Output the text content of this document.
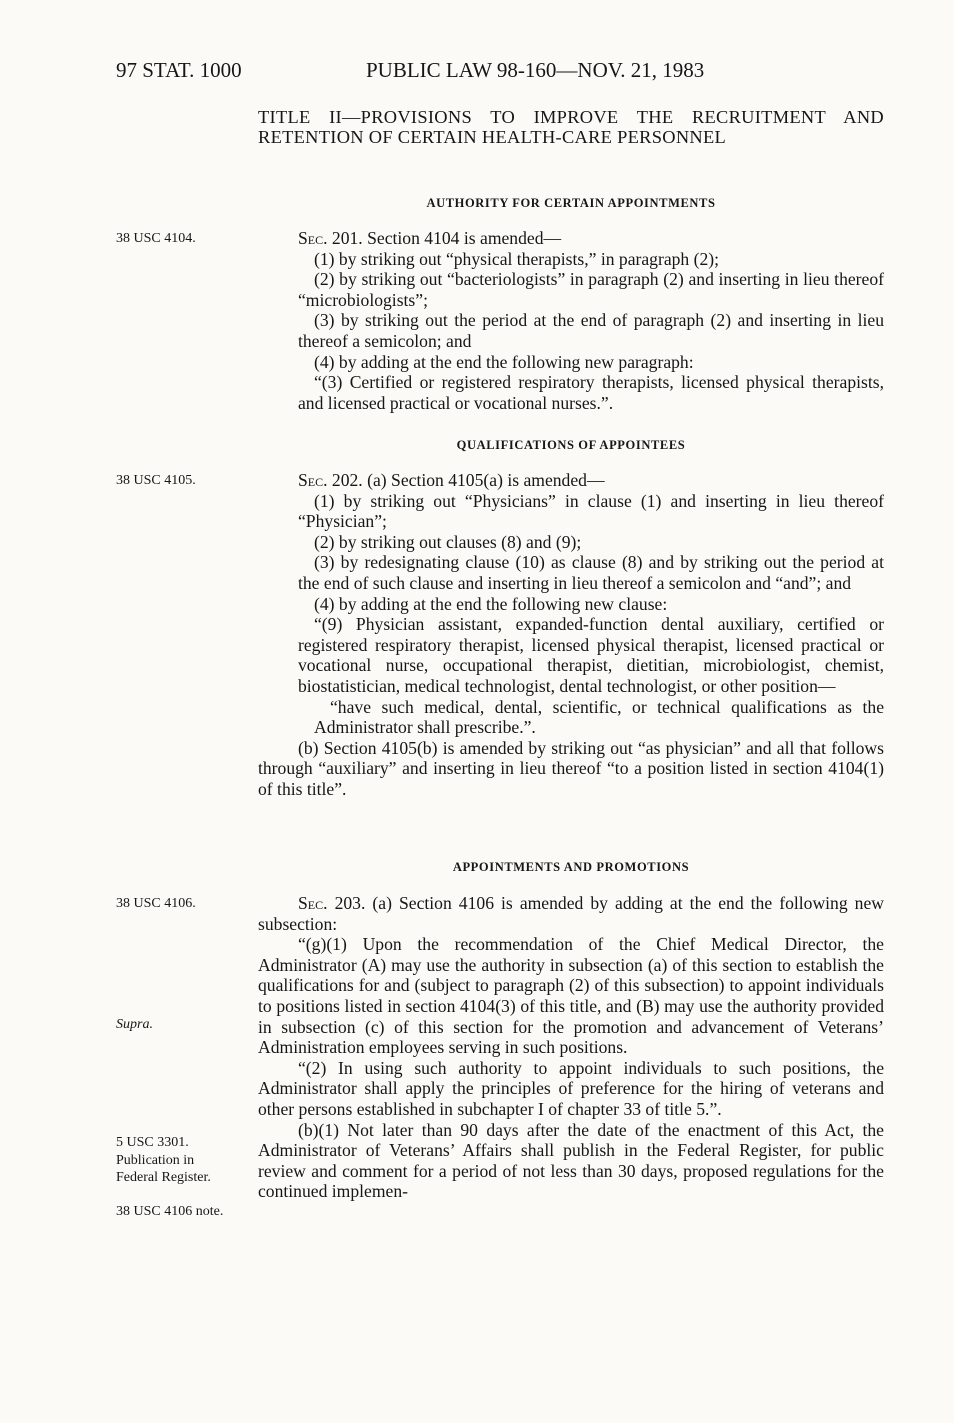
97 STAT. 1000	PUBLIC LAW 98-160—NOV. 21, 1983
TITLE II—PROVISIONS TO IMPROVE THE RECRUITMENT AND RETENTION OF CERTAIN HEALTH-CARE PERSONNEL
AUTHORITY FOR CERTAIN APPOINTMENTS
38 USC 4104.	Sec. 201. Section 4104 is amended—

(1) by striking out “physical therapists,” in paragraph (2);

(2) by striking out “bacteriologists” in paragraph (2) and inserting in lieu thereof “microbiologists”;

(3) by striking out the period at the end of paragraph (2) and inserting in lieu thereof a semicolon; and

(4) by adding at the end the following new paragraph:

“(3) Certified or registered respiratory therapists, licensed physical therapists, and licensed practical or vocational nurses.”.

QUALIFICATIONS OF APPOINTEES
38 USC 4105.	Sec. 202. (a) Section 4105(a) is amended—

(1) by striking out “Physicians” in clause (1) and inserting in lieu thereof “Physician”;

(2) by striking out clauses (8) and (9);

(3) by redesignating clause (10) as clause (8) and by striking out the period at the end of such clause and inserting in lieu thereof a semicolon and “and”; and

(4) by adding at the end the following new clause:

“(9) Physician assistant, expanded-function dental auxiliary, certified or registered respiratory therapist, licensed physical therapist, licensed practical or vocational nurse, occupational therapist, dietitian, microbiologist, chemist, biostatistician, medical technologist, dental technologist, or other position—

“have such medical, dental, scientific, or technical qualifications as the Administrator shall prescribe.”.

(b) Section 4105(b) is amended by striking out “as physician” and all that follows through “auxiliary” and inserting in lieu thereof “to a position listed in section 4104(1) of this title”.

APPOINTMENTS AND PROMOTIONS
38 USC 4106.
Supra.
5 USC 3301.
Publication in Federal Register.
38 USC 4106 note.

Sec. 203. (a) Section 4106 is amended by adding at the end the following new subsection:

“(g)(1) Upon the recommendation of the Chief Medical Director, the Administrator (A) may use the authority in subsection (a) of this section to establish the qualifications for and (subject to paragraph (2) of this subsection) to appoint individuals to positions listed in section 4104(3) of this title, and (B) may use the authority provided in subsection (c) of this section for the promotion and advancement of Veterans’ Administration employees serving in such positions.

“(2) In using such authority to appoint individuals to such positions, the Administrator shall apply the principles of preference for the hiring of veterans and other persons established in subchapter I of chapter 33 of title 5.”.

(b)(1) Not later than 90 days after the date of the enactment of this Act, the Administrator of Veterans’ Affairs shall publish in the Federal Register, for public review and comment for a period of not less than 30 days, proposed regulations for the continued implemen-
